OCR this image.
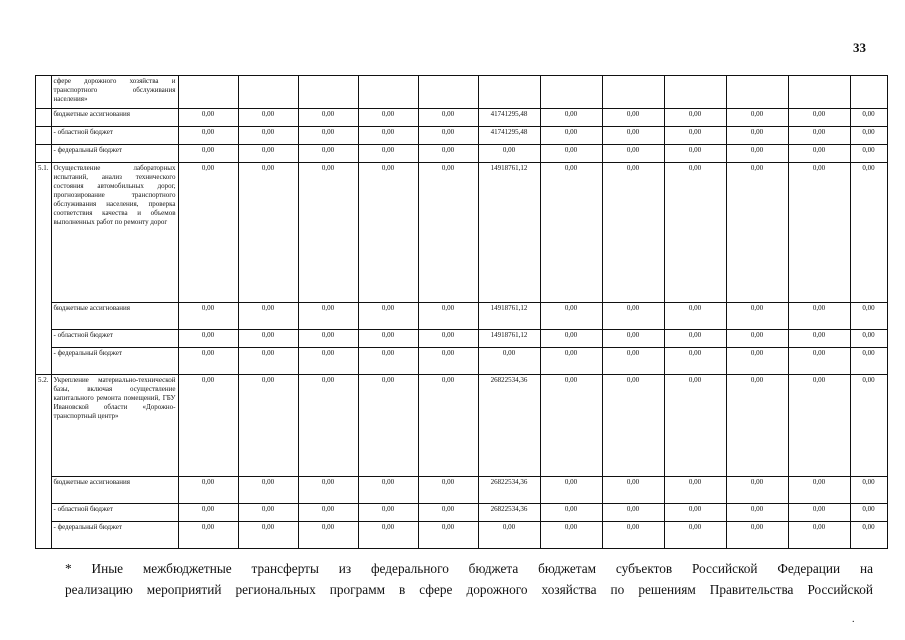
33
	сфере дорожного хозяйства и транспортного обслуживания населения»												
	бюджетные ассигнования	0,00	0,00	0,00	0,00	0,00	41741295,48	0,00	0,00	0,00	0,00	0,00	0,00
	- областной бюджет	0,00	0,00	0,00	0,00	0,00	41741295,48	0,00	0,00	0,00	0,00	0,00	0,00
	- федеральный бюджет	0,00	0,00	0,00	0,00	0,00	0,00	0,00	0,00	0,00	0,00	0,00	0,00
5.1.	Осуществление лабораторных испытаний, анализ технического состояния автомобильных дорог, прогнозирование транспортного обслуживания населения, проверка соответствия качества и объемов выполненных работ по ремонту дорог	0,00	0,00	0,00	0,00	0,00	14918761,12	0,00	0,00	0,00	0,00	0,00	0,00
	бюджетные ассигнования	0,00	0,00	0,00	0,00	0,00	14918761,12	0,00	0,00	0,00	0,00	0,00	0,00
	- областной бюджет	0,00	0,00	0,00	0,00	0,00	14918761,12	0,00	0,00	0,00	0,00	0,00	0,00
	- федеральный бюджет	0,00	0,00	0,00	0,00	0,00	0,00	0,00	0,00	0,00	0,00	0,00	0,00
5.2.	Укрепление материально-технической базы, включая осуществление капитального ремонта помещений, ГБУ Ивановской области «Дорожно-транспортный центр»	0,00	0,00	0,00	0,00	0,00	26822534,36	0,00	0,00	0,00	0,00	0,00	0,00
	бюджетные ассигнования	0,00	0,00	0,00	0,00	0,00	26822534,36	0,00	0,00	0,00	0,00	0,00	0,00
	- областной бюджет	0,00	0,00	0,00	0,00	0,00	26822534,36	0,00	0,00	0,00	0,00	0,00	0,00
	- федеральный бюджет	0,00	0,00	0,00	0,00	0,00	0,00	0,00	0,00	0,00	0,00	0,00	0,00

* Иные межбюджетные трансферты из федерального бюджета бюджетам субъектов Российской Федерации на

реализацию мероприятий региональных программ в сфере дорожного хозяйства по решениям Правительства Российской

.
